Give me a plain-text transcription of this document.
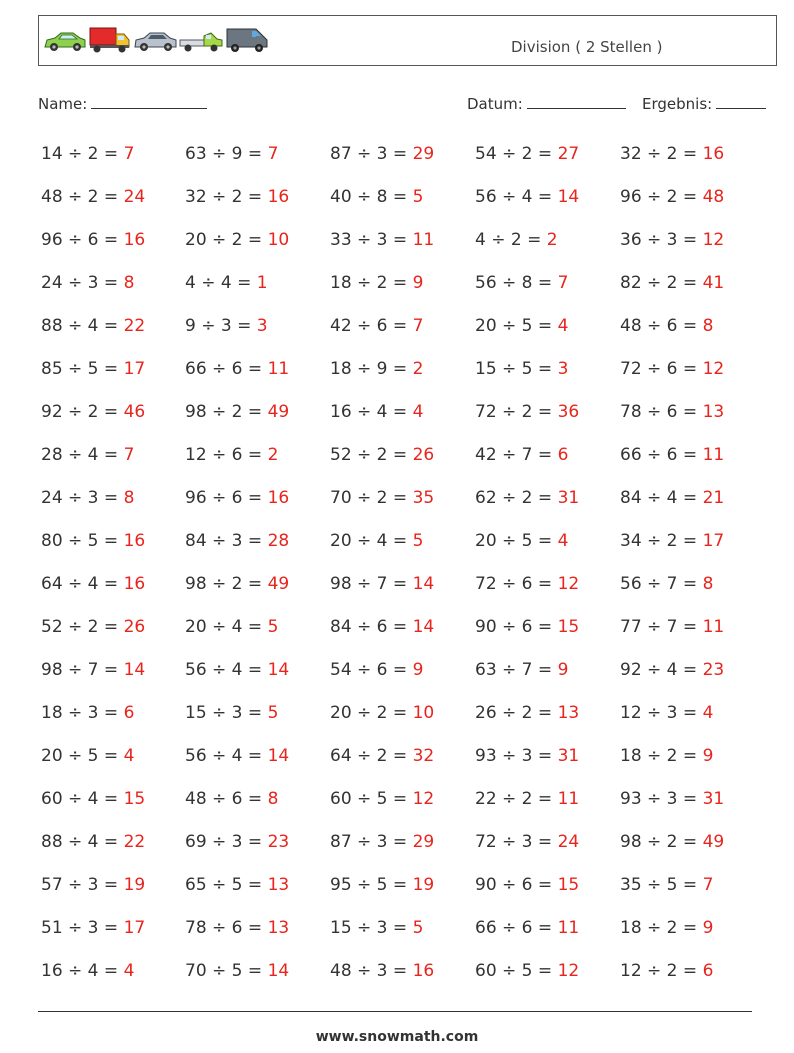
Division ( 2 Stellen )
Name:	Datum:	Ergebnis:
14 ÷ 2 = 7
48 ÷ 2 = 24
96 ÷ 6 = 16
24 ÷ 3 = 8
88 ÷ 4 = 22
85 ÷ 5 = 17
92 ÷ 2 = 46
28 ÷ 4 = 7
24 ÷ 3 = 8
80 ÷ 5 = 16
64 ÷ 4 = 16
52 ÷ 2 = 26
98 ÷ 7 = 14
18 ÷ 3 = 6
20 ÷ 5 = 4
60 ÷ 4 = 15
88 ÷ 4 = 22
57 ÷ 3 = 19
51 ÷ 3 = 17
16 ÷ 4 = 4
63 ÷ 9 = 7
32 ÷ 2 = 16
20 ÷ 2 = 10
4 ÷ 4 = 1
9 ÷ 3 = 3
66 ÷ 6 = 11
98 ÷ 2 = 49
12 ÷ 6 = 2
96 ÷ 6 = 16
84 ÷ 3 = 28
98 ÷ 2 = 49
20 ÷ 4 = 5
56 ÷ 4 = 14
15 ÷ 3 = 5
56 ÷ 4 = 14
48 ÷ 6 = 8
69 ÷ 3 = 23
65 ÷ 5 = 13
78 ÷ 6 = 13
70 ÷ 5 = 14
87 ÷ 3 = 29
40 ÷ 8 = 5
33 ÷ 3 = 11
18 ÷ 2 = 9
42 ÷ 6 = 7
18 ÷ 9 = 2
16 ÷ 4 = 4
52 ÷ 2 = 26
70 ÷ 2 = 35
20 ÷ 4 = 5
98 ÷ 7 = 14
84 ÷ 6 = 14
54 ÷ 6 = 9
20 ÷ 2 = 10
64 ÷ 2 = 32
60 ÷ 5 = 12
87 ÷ 3 = 29
95 ÷ 5 = 19
15 ÷ 3 = 5
48 ÷ 3 = 16
54 ÷ 2 = 27
56 ÷ 4 = 14
4 ÷ 2 = 2
56 ÷ 8 = 7
20 ÷ 5 = 4
15 ÷ 5 = 3
72 ÷ 2 = 36
42 ÷ 7 = 6
62 ÷ 2 = 31
20 ÷ 5 = 4
72 ÷ 6 = 12
90 ÷ 6 = 15
63 ÷ 7 = 9
26 ÷ 2 = 13
93 ÷ 3 = 31
22 ÷ 2 = 11
72 ÷ 3 = 24
90 ÷ 6 = 15
66 ÷ 6 = 11
60 ÷ 5 = 12
32 ÷ 2 = 16
96 ÷ 2 = 48
36 ÷ 3 = 12
82 ÷ 2 = 41
48 ÷ 6 = 8
72 ÷ 6 = 12
78 ÷ 6 = 13
66 ÷ 6 = 11
84 ÷ 4 = 21
34 ÷ 2 = 17
56 ÷ 7 = 8
77 ÷ 7 = 11
92 ÷ 4 = 23
12 ÷ 3 = 4
18 ÷ 2 = 9
93 ÷ 3 = 31
98 ÷ 2 = 49
35 ÷ 5 = 7
18 ÷ 2 = 9
12 ÷ 2 = 6
www.snowmath.com
